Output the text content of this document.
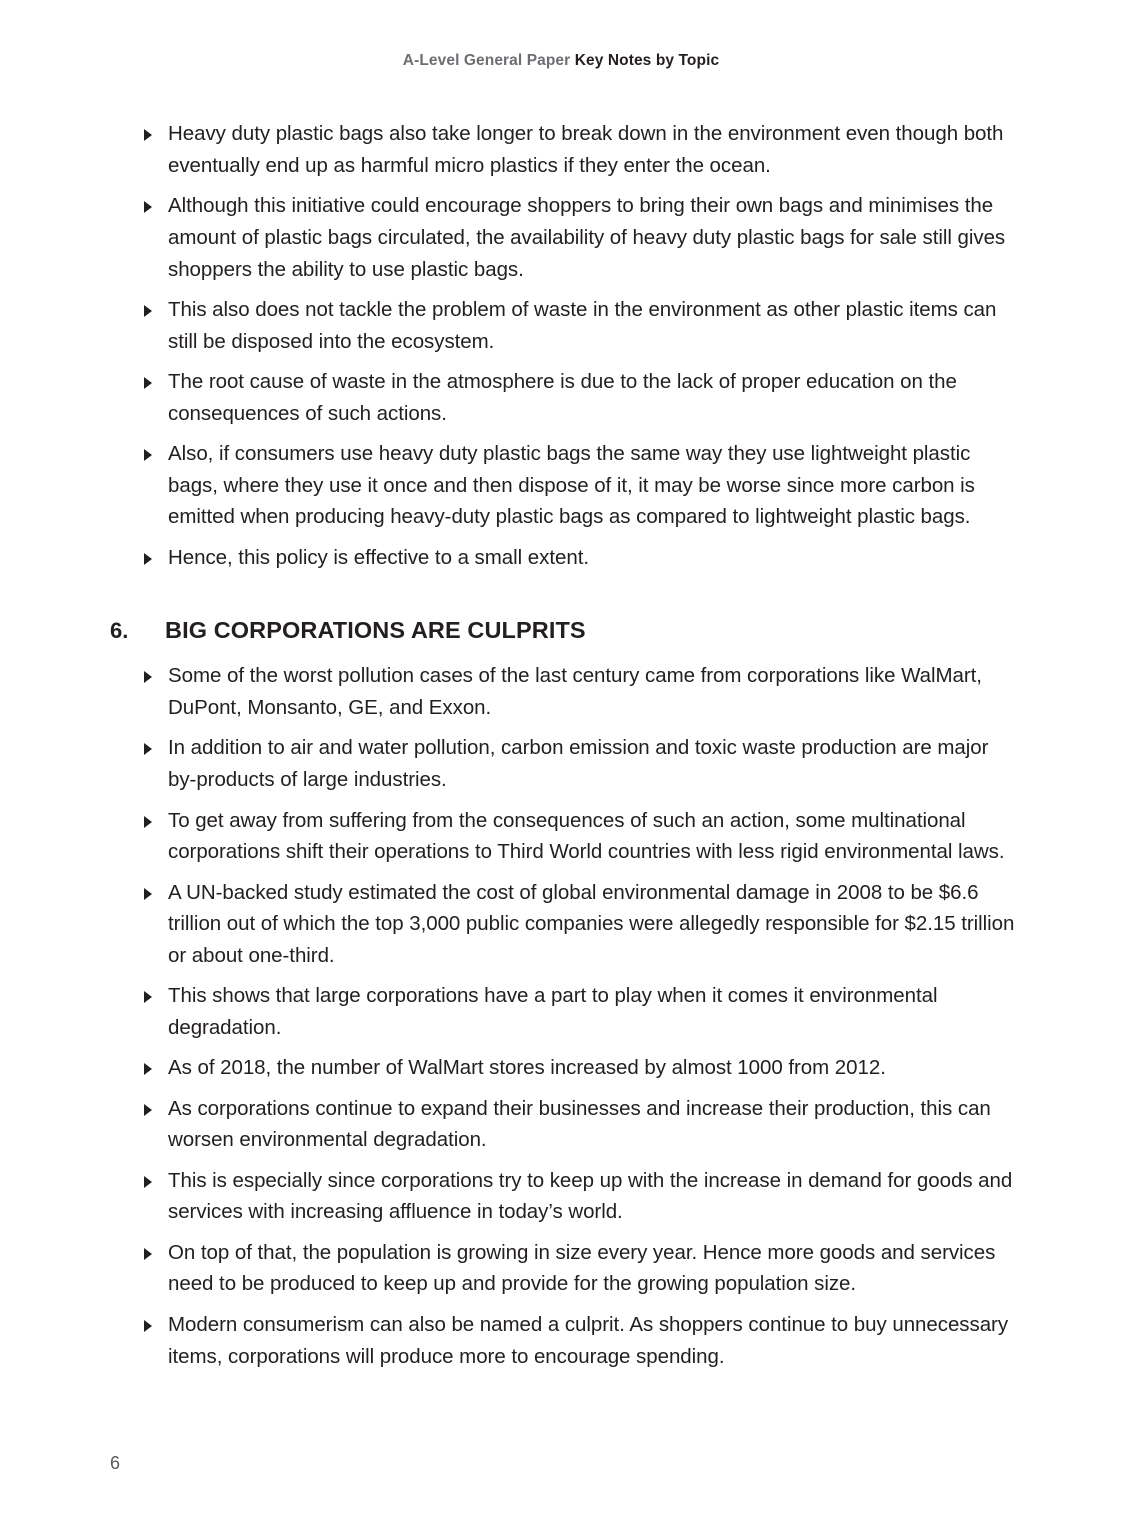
A-Level General Paper Key Notes by Topic
Heavy duty plastic bags also take longer to break down in the environment even though both eventually end up as harmful micro plastics if they enter the ocean.
Although this initiative could encourage shoppers to bring their own bags and minimises the amount of plastic bags circulated, the availability of heavy duty plastic bags for sale still gives shoppers the ability to use plastic bags.
This also does not tackle the problem of waste in the environment as other plastic items can still be disposed into the ecosystem.
The root cause of waste in the atmosphere is due to the lack of proper education on the consequences of such actions.
Also, if consumers use heavy duty plastic bags the same way they use lightweight plastic bags, where they use it once and then dispose of it, it may be worse since more carbon is emitted when producing heavy-duty plastic bags as compared to lightweight plastic bags.
Hence, this policy is effective to a small extent.
6.	BIG CORPORATIONS ARE CULPRITS
Some of the worst pollution cases of the last century came from corporations like WalMart, DuPont, Monsanto, GE, and Exxon.
In addition to air and water pollution, carbon emission and toxic waste production are major by-products of large industries.
To get away from suffering from the consequences of such an action, some multinational corporations shift their operations to Third World countries with less rigid environmental laws.
A UN-backed study estimated the cost of global environmental damage in 2008 to be $6.6 trillion out of which the top 3,000 public companies were allegedly responsible for $2.15 trillion or about one-third.
This shows that large corporations have a part to play when it comes it environmental degradation.
As of 2018, the number of WalMart stores increased by almost 1000 from 2012.
As corporations continue to expand their businesses and increase their production, this can worsen environmental degradation.
This is especially since corporations try to keep up with the increase in demand for goods and services with increasing affluence in today’s world.
On top of that, the population is growing in size every year. Hence more goods and services need to be produced to keep up and provide for the growing population size.
Modern consumerism can also be named a culprit. As shoppers continue to buy unnecessary items, corporations will produce more to encourage spending.
6
